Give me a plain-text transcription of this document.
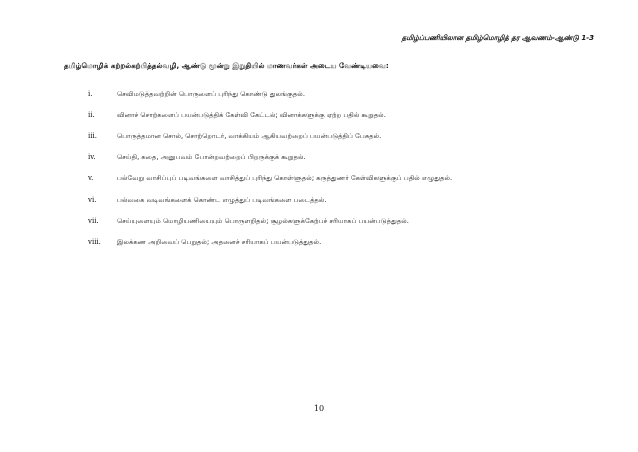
தமிழ்ப்பணியிலான தமிழ்மொழித் தர ஆவணம்-ஆண்டு 1-3
தமிழ்மொழிக் கற்றல்கற்பித்தல்வழி, ஆண்டு மூன்று இறுதியில் மாணவர்கள் அடைய வேண்டியவை:
i.	செவிமடுத்தவற்றின் பொருளைப் புரிந்து கொண்டு துலங்குதல்.
ii.	வினாச் சொற்களைப் பயன்படுத்திக் கேள்வி கேட்டல்; வினாக்களுக்கு ஏற்ற பதில் கூறுதல்.
iii.	பொருத்தமான சொல், சொற்றொடர், வாக்கியம் ஆகியவற்றைப் பயன்படுத்திப் பேசுதல்.
iv.	செய்தி, கதை, அனுபவம் போன்றவற்றைப் பிறருக்குக் கூறுதல்.
v.	பல்வேறு வாசிப்புப் படிவங்களை வாசித்துப் புரிந்து கொள்ளுதல்; கருத்துணர் கேள்விகளுக்குப் பதில் எழுதுதல்.
vi.	பல்வகை வடிவங்களைக் கொண்ட எழுத்துப் படிவங்களை படைத்தல்.
vii.	செய்யுளையும் மொழியணியையும் பொருளறிதல்; சூழல்களுக்கேற்பச் சரியாகப் பயன்படுத்துதல்.
viii. இலக்கண அறிவைப் பெறுதல்; அதனைச் சரியாகப் பயன்படுத்துதல்.
10
